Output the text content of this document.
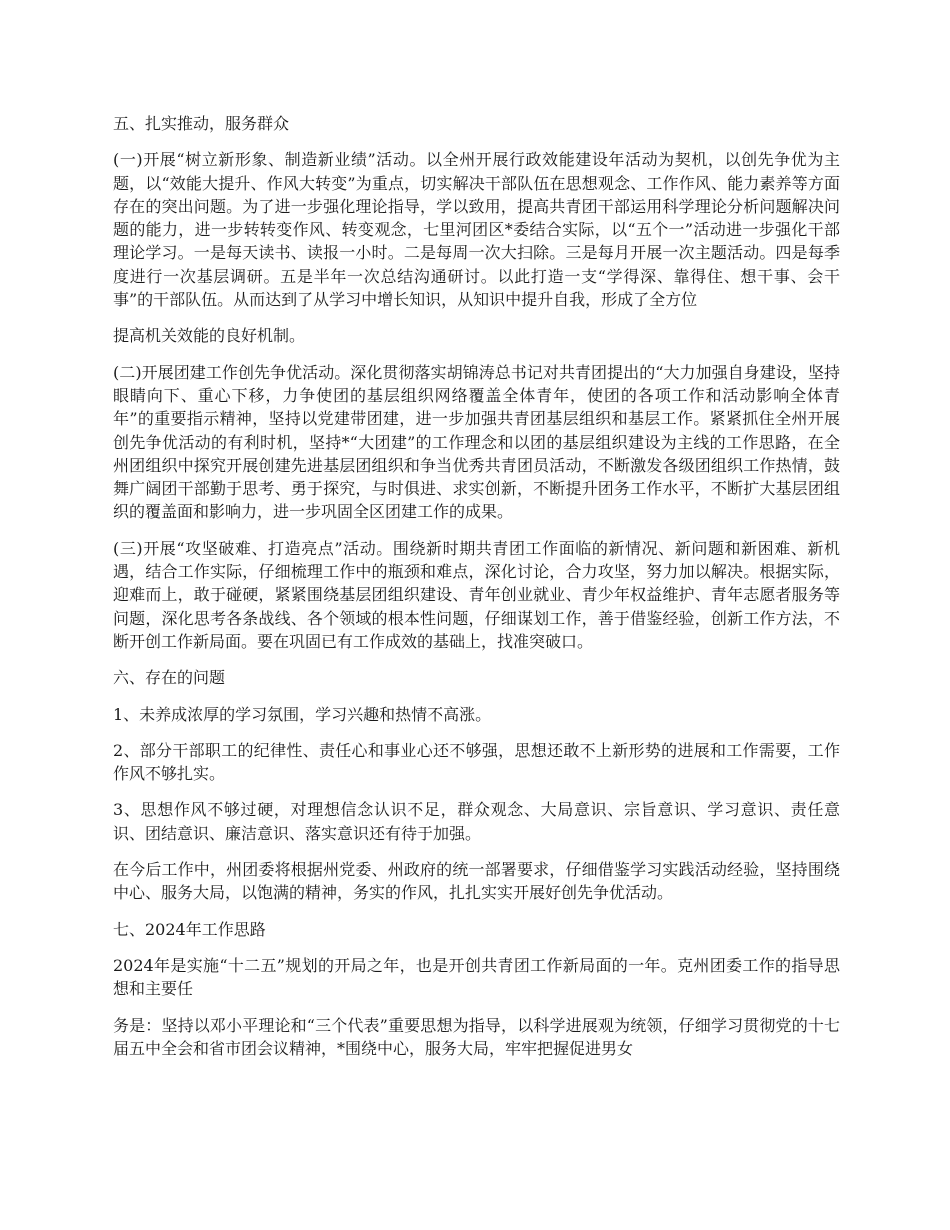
五、扎实推动，服务群众

(一)开展“树立新形象、制造新业绩”活动。以全州开展行政效能建设年活动为契机，以创先争优为主题，以“效能大提升、作风大转变”为重点，切实解决干部队伍在思想观念、工作作风、能力素养等方面存在的突出问题。为了进一步强化理论指导，学以致用，提高共青团干部运用科学理论分析问题解决问题的能力，进一步转转变作风、转变观念，七里河团区*委结合实际，以“五个一”活动进一步强化干部理论学习。一是每天读书、读报一小时。二是每周一次大扫除。三是每月开展一次主题活动。四是每季度进行一次基层调研。五是半年一次总结沟通研讨。以此打造一支“学得深、靠得住、想干事、会干事”的干部队伍。从而达到了从学习中增长知识，从知识中提升自我，形成了全方位

提高机关效能的良好机制。

(二)开展团建工作创先争优活动。深化贯彻落实胡锦涛总书记对共青团提出的“大力加强自身建设，坚持眼睛向下、重心下移，力争使团的基层组织网络覆盖全体青年，使团的各项工作和活动影响全体青年”的重要指示精神，坚持以党建带团建，进一步加强共青团基层组织和基层工作。紧紧抓住全州开展创先争优活动的有利时机，坚持*“大团建”的工作理念和以团的基层组织建设为主线的工作思路，在全州团组织中探究开展创建先进基层团组织和争当优秀共青团员活动，不断激发各级团组织工作热情，鼓舞广阔团干部勤于思考、勇于探究，与时俱进、求实创新，不断提升团务工作水平，不断扩大基层团组织的覆盖面和影响力，进一步巩固全区团建工作的成果。

(三)开展“攻坚破难、打造亮点”活动。围绕新时期共青团工作面临的新情况、新问题和新困难、新机遇，结合工作实际，仔细梳理工作中的瓶颈和难点，深化讨论，合力攻坚，努力加以解决。根据实际，迎难而上，敢于碰硬，紧紧围绕基层团组织建设、青年创业就业、青少年权益维护、青年志愿者服务等问题，深化思考各条战线、各个领域的根本性问题，仔细谋划工作，善于借鉴经验，创新工作方法，不断开创工作新局面。要在巩固已有工作成效的基础上，找准突破口。

六、存在的问题

1、未养成浓厚的学习氛围，学习兴趣和热情不高涨。

2、部分干部职工的纪律性、责任心和事业心还不够强，思想还敢不上新形势的进展和工作需要，工作作风不够扎实。

3、思想作风不够过硬，对理想信念认识不足，群众观念、大局意识、宗旨意识、学习意识、责任意识、团结意识、廉洁意识、落实意识还有待于加强。

在今后工作中，州团委将根据州党委、州政府的统一部署要求，仔细借鉴学习实践活动经验，坚持围绕中心、服务大局，以饱满的精神，务实的作风，扎扎实实开展好创先争优活动。

七、2024年工作思路

2024年是实施“十二五”规划的开局之年，也是开创共青团工作新局面的一年。克州团委工作的指导思想和主要任

务是：坚持以邓小平理论和“三个代表”重要思想为指导，以科学进展观为统领，仔细学习贯彻党的十七届五中全会和省市团会议精神，*围绕中心，服务大局，牢牢把握促进男女
